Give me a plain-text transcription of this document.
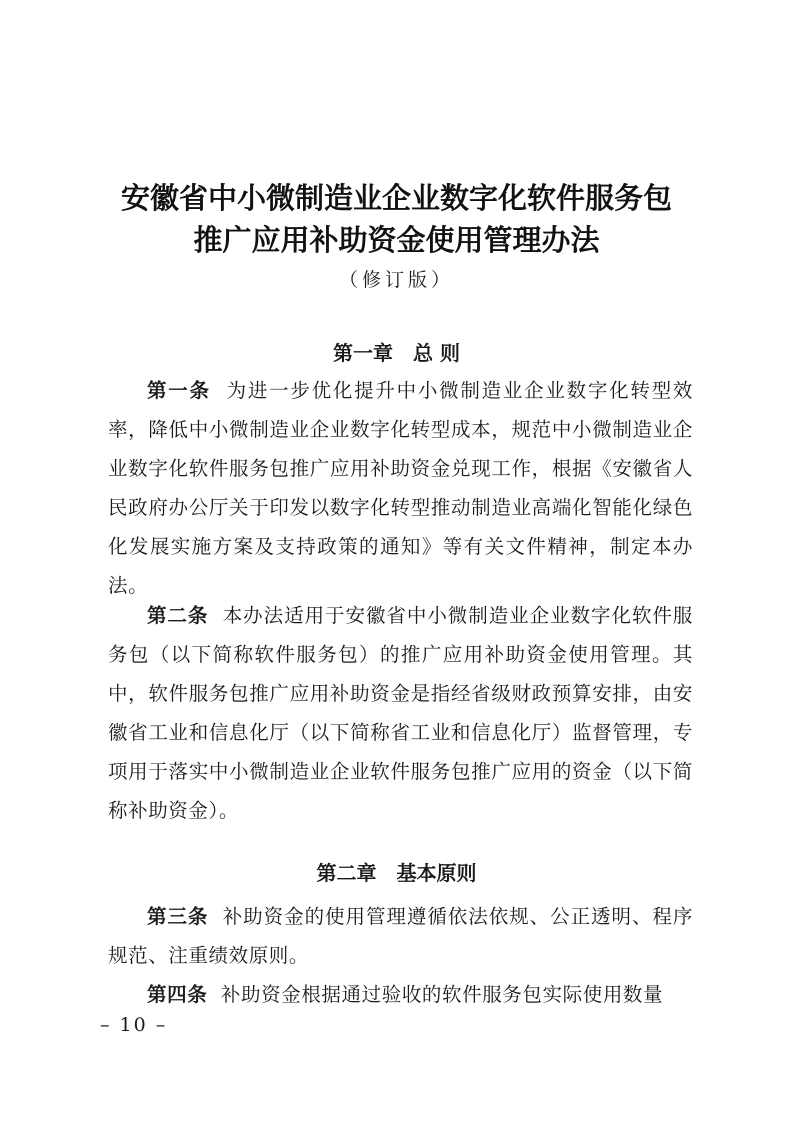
安徽省中小微制造业企业数字化软件服务包
推广应用补助资金使用管理办法
（修订版）
第一章　总 则

第一条 为进一步优化提升中小微制造业企业数字化转型效率，降低中小微制造业企业数字化转型成本，规范中小微制造业企业数字化软件服务包推广应用补助资金兑现工作，根据《安徽省人民政府办公厅关于印发以数字化转型推动制造业高端化智能化绿色化发展实施方案及支持政策的通知》等有关文件精神，制定本办法。

第二条 本办法适用于安徽省中小微制造业企业数字化软件服务包（以下简称软件服务包）的推广应用补助资金使用管理。其中，软件服务包推广应用补助资金是指经省级财政预算安排，由安徽省工业和信息化厅（以下简称省工业和信息化厅）监督管理，专项用于落实中小微制造业企业软件服务包推广应用的资金（以下简称补助资金）。

第二章　基本原则

第三条 补助资金的使用管理遵循依法依规、公正透明、程序规范、注重绩效原则。

第四条 补助资金根据通过验收的软件服务包实际使用数量

– 10 –
